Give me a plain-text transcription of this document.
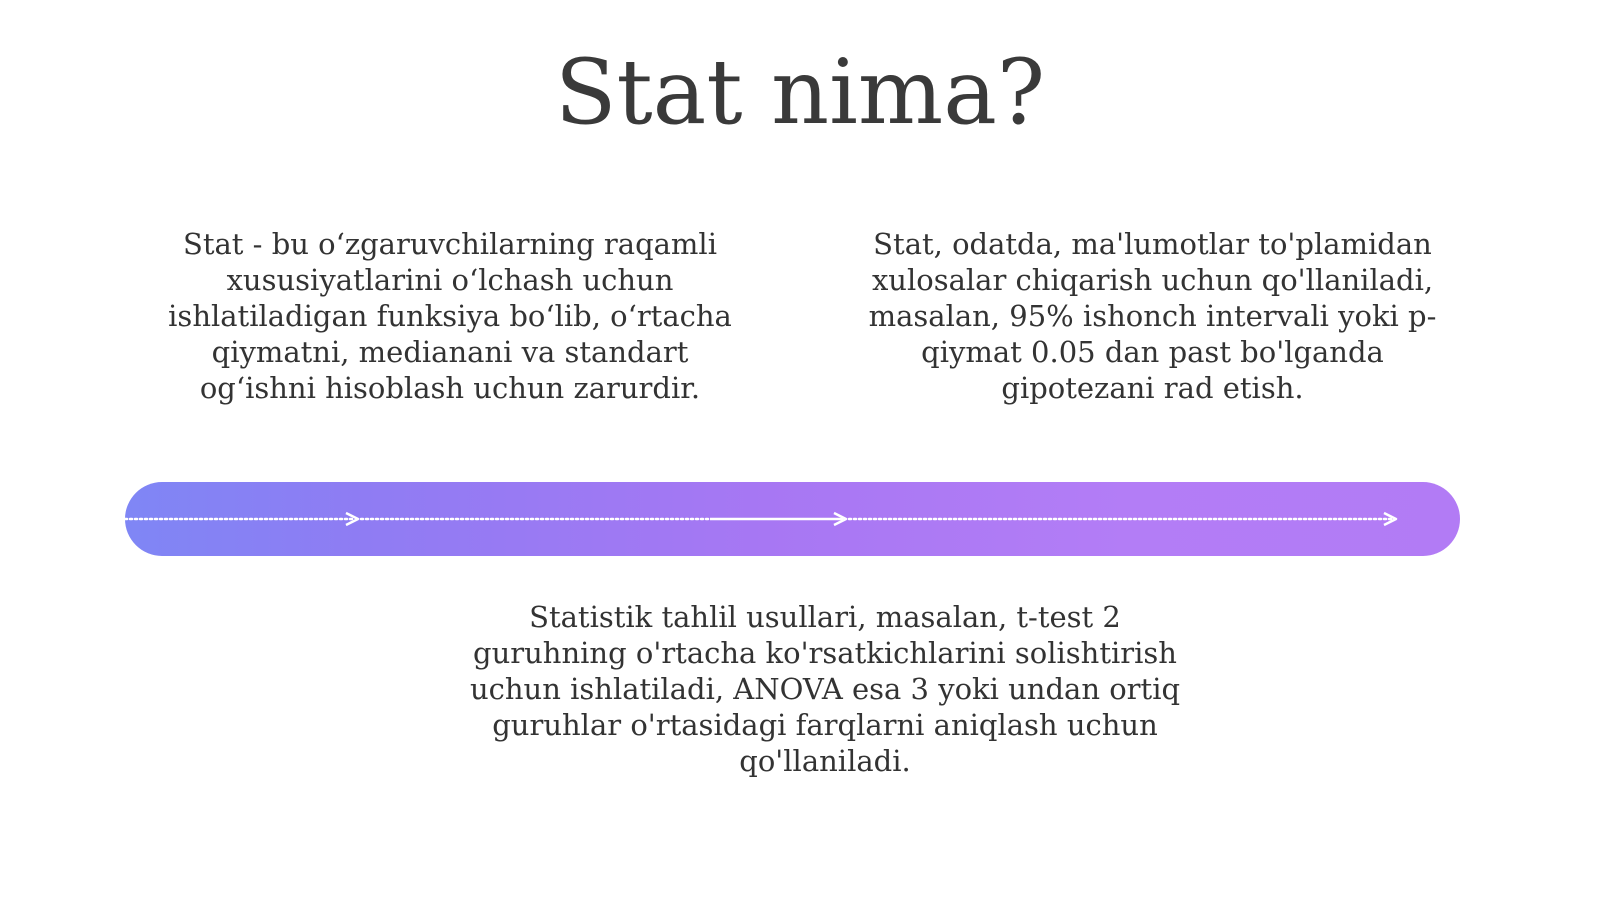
Stat nima?

Stat - bu o‘zgaruvchilarning raqamli xususiyatlarini o‘lchash uchun ishlatiladigan funksiya bo‘lib, o‘rtacha qiymatni, medianani va standart og‘ishni hisoblash uchun zarurdir.

Stat, odatda, ma'lumotlar to'plamidan xulosalar chiqarish uchun qo'llaniladi, masalan, 95% ishonch intervali yoki p-qiymat 0.05 dan past bo'lganda gipotezani rad etish.

Statistik tahlil usullari, masalan, t-test 2 guruhning o'rtacha ko'rsatkichlarini solishtirish uchun ishlatiladi, ANOVA esa 3 yoki undan ortiq guruhlar o'rtasidagi farqlarni aniqlash uchun qo'llaniladi.
